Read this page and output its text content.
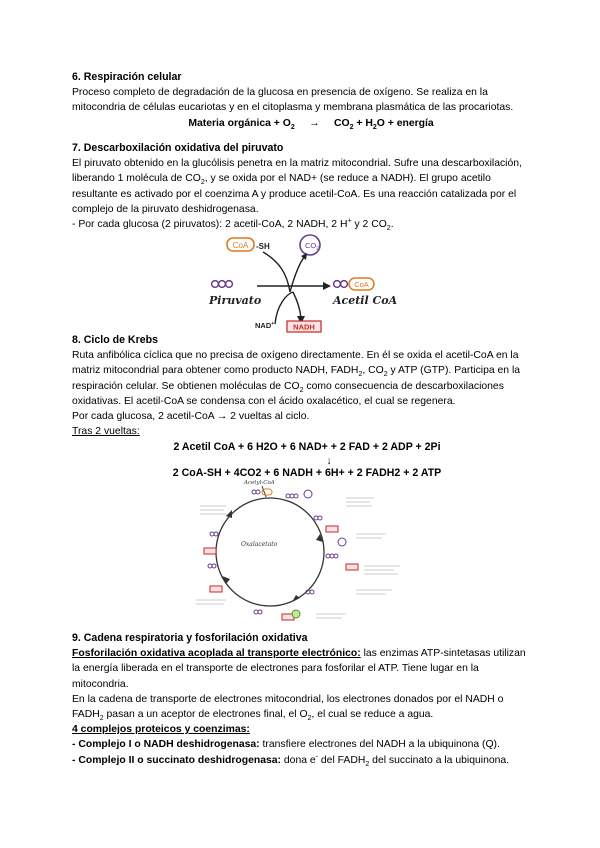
6. Respiración celular

Proceso completo de degradación de la glucosa en presencia de oxígeno. Se realiza en la

mitocondria de células eucariotas y en el citoplasma y membrana plasmática de las procariotas.

Materia orgánica + $O_2 \to CO_2 + H_2O$ + energía

7. Descarboxilación oxidativa del piruvato

El piruvato obtenido en la glucólisis penetra en la matriz mitocondrial. Sufre una descarboxilación,

liberando 1 molécula de $CO_2$, y se oxida por el NAD+ (se reduce a NADH). El grupo acetilo

resultante es activado por el coenzima A y produce acetil-CoA. Es una reacción catalizada por el

complejo de la piruvato deshidrogenasa.

- Por cada glucosa (2 piruvatos): 2 acetil-CoA, 2 NADH, 2 H+ y 2 $CO_2$.

CoA -SH	$CO_2$
Piruvato
CoA
Acetil CoA
NAD+	NADH
8. Ciclo de Krebs

Ruta anfibólica cíclica que no precisa de oxígeno directamente. En él se oxida el acetil-CoA en la

matriz mitocondrial para obtener como producto NADH, $FADH_2$, $CO_2$ y ATP (GTP). Participa en la

respiración celular. Se obtienen moléculas de $CO_2$ como consecuencia de descarboxilaciones

oxidativas. El acetil-CoA se condensa con el ácido oxalacético, el cual se regenera.

Por cada glucosa, 2 acetil-CoA → 2 vueltas al ciclo.

Tras 2 vueltas:

2 Acetil CoA + 6 H2O + 6 NAD+ + 2 FAD + 2 ADP + 2Pi

↓

2 CoA-SH + 4CO2 + 6 NADH + 6H+ + 2 FADH2 + 2 ATP

Acetyl-CoA
Oxalacetato
9. Cadena respiratoria y fosforilación oxidativa

Fosforilación oxidativa acoplada al transporte electrónico: las enzimas ATP-sintetasas utilizan

la energía liberada en el transporte de electrones para fosforilar el ATP. Tiene lugar en la

mitocondria.

En la cadena de transporte de electrones mitocondrial, los electrones donados por el NADH o

$FADH_2$ pasan a un aceptor de electrones final, el $O_2$, el cual se reduce a agua.

4 complejos proteicos y coenzimas:

- Complejo I o NADH deshidrogenasa: transfiere electrones del NADH a la ubiquinona (Q).

- Complejo II o succinato deshidrogenasa: dona e- del $FADH_2$ del succinato a la ubiquinona.
